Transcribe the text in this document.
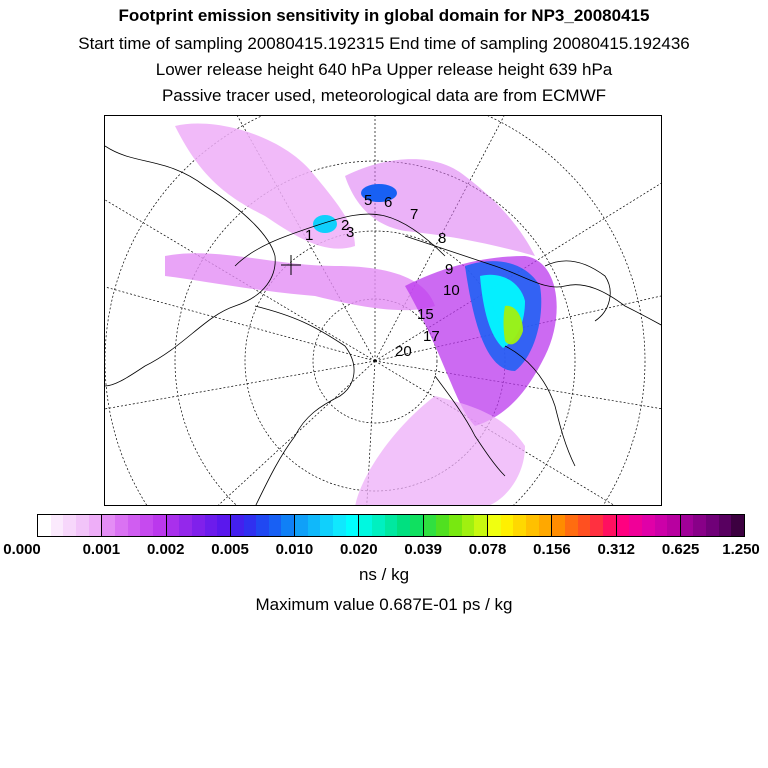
Footprint emission sensitivity in global domain for NP3_20080415
Start time of sampling 20080415.192315 End time of sampling 20080415.192436
Lower release height 640 hPa Upper release height 639 hPa
Passive tracer used, meteorological data are from ECMWF
1
2
3
5 6
7
8
9
10
15
17
20
0.000	0.001 0.002 0.005 0.010 0.020 0.039 0.078 0.156 0.312 0.625 1.250
ns / kg
Maximum value 0.687E-01 ps / kg
